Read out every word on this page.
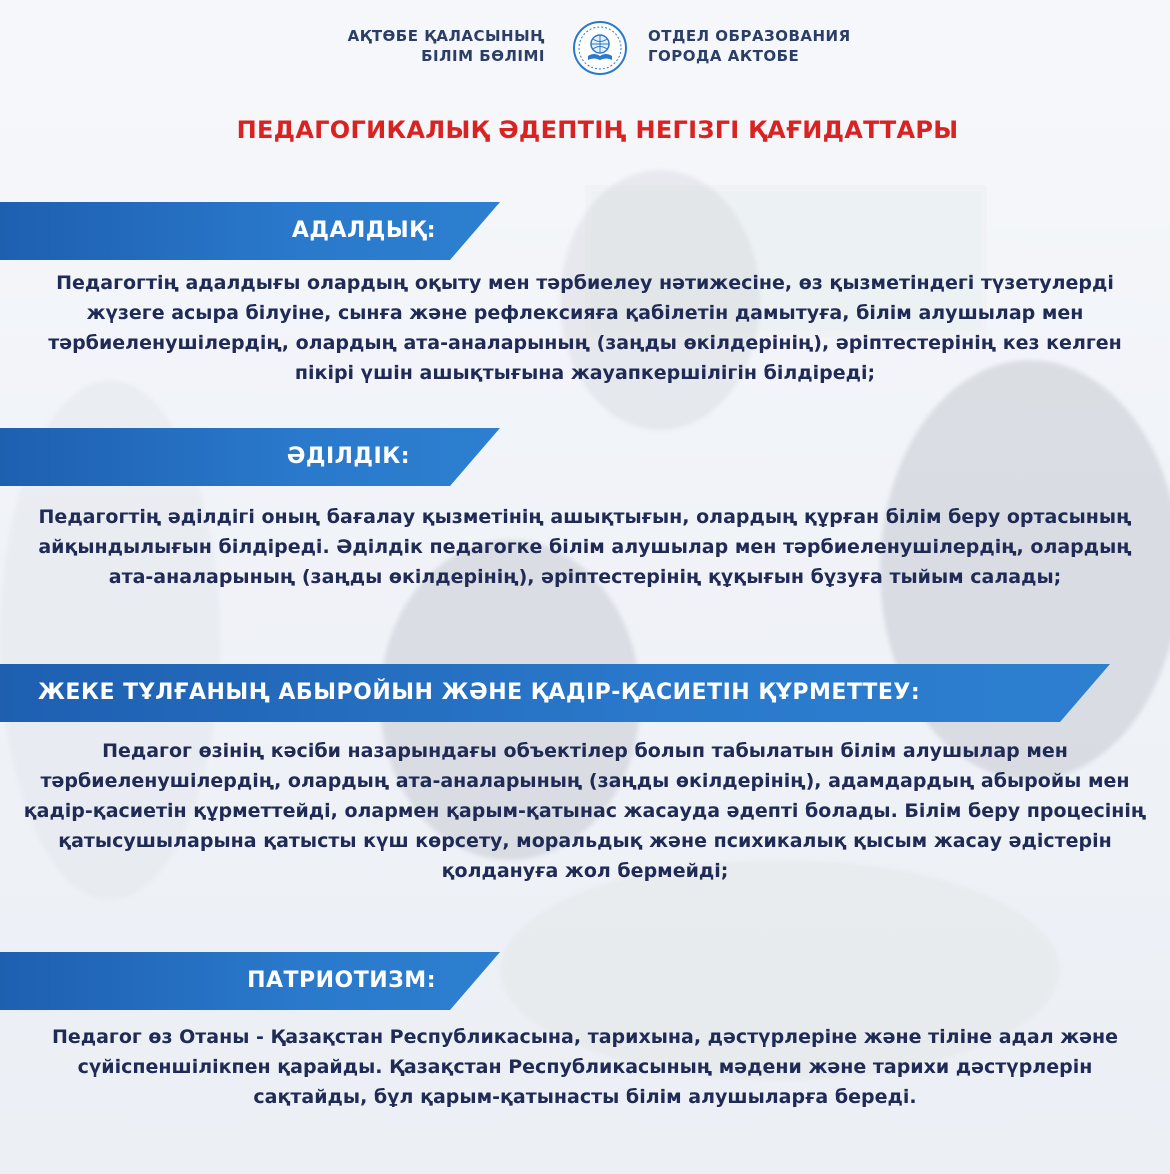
АҚТӨБЕ ҚАЛАСЫНЫҢ
БІЛІМ БӨЛІМІ
ОТДЕЛ ОБРАЗОВАНИЯ
ГОРОДА АКТОБЕ
ПЕДАГОГИКАЛЫҚ ӘДЕПТІҢ НЕГІЗГІ ҚАҒИДАТТАРЫ
АДАЛДЫҚ:
Педагогтің адалдығы олардың оқыту мен тәрбиелеу нәтижесіне, өз қызметіндегі түзетулерді жүзеге асыра білуіне, сынға және рефлексияға қабілетін дамытуға, білім алушылар мен тәрбиеленушілердің, олардың ата-аналарының (заңды өкілдерінің), әріптестерінің кез келген пікірі үшін ашықтығына жауапкершілігін білдіреді;
ӘДІЛДІК:
Педагогтің әділдігі оның бағалау қызметінің ашықтығын, олардың құрған білім беру ортасының айқындылығын білдіреді. Әділдік педагогке білім алушылар мен тәрбиеленушілердің, олардың ата-аналарының (заңды өкілдерінің), әріптестерінің құқығын бұзуға тыйым салады;
ЖЕКЕ ТҰЛҒАНЫҢ АБЫРОЙЫН ЖӘНЕ ҚАДІР-ҚАСИЕТІН ҚҰРМЕТТЕУ:
Педагог өзінің кәсіби назарындағы объектілер болып табылатын білім алушылар мен тәрбиеленушілердің, олардың ата-аналарының (заңды өкілдерінің), адамдардың абыройы мен қадір-қасиетін құрметтейді, олармен қарым-қатынас жасауда әдепті болады. Білім беру процесінің қатысушыларына қатысты күш көрсету, моральдық және психикалық қысым жасау әдістерін қолдануға жол бермейді;
ПАТРИОТИЗМ:
Педагог өз Отаны - Қазақстан Республикасына, тарихына, дәстүрлеріне және тіліне адал және сүйіспеншілікпен қарайды. Қазақстан Республикасының мәдени және тарихи дәстүрлерін сақтайды, бұл қарым-қатынасты білім алушыларға береді.
